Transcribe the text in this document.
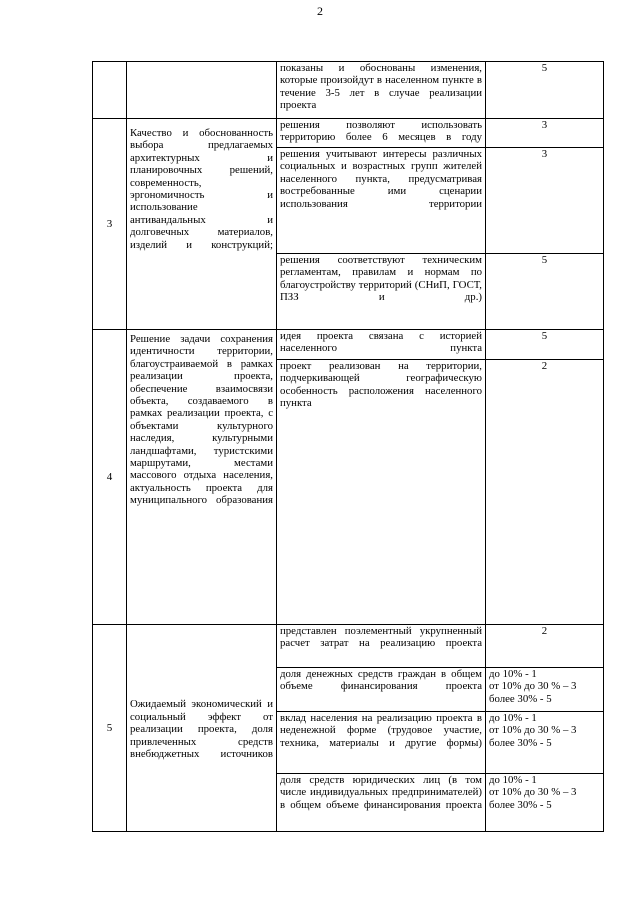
2
		показаны и обоснованы изменения, которые произойдут в населенном пункте в течение 3-5 лет в случае реализации проекта	5

3	Качество и обоснованность выбора предлагаемых архитектурных и планировочных решений, современность, эргономичность и использование антивандальных и долговечных материалов, изделий и конструкций;	решения позволяют использовать территорию более 6 месяцев в году	3

		решения учитывают интересы различных социальных и возрастных групп жителей населенного пункта, предусматривая востребованные ими сценарии использования территории	3

		решения соответствуют техническим регламентам, правилам и нормам по благоустройству территорий (СНиП, ГОСТ, ПЗЗ и др.)	5

4	Решение задачи сохранения идентичности территории, благоустраиваемой в рамках реализации проекта, обеспечение взаимосвязи объекта, создаваемого в рамках реализации проекта, с объектами культурного наследия, культурными ландшафтами, туристскими маршрутами, местами массового отдыха населения, актуальность проекта для муниципального образования	идея проекта связана с историей населенного пункта	5

		проект реализован на территории, подчеркивающей географическую особенность расположения населенного пункта	2

5	Ожидаемый экономический и социальный эффект от реализации проекта, доля привлеченных средств внебюджетных источников	представлен поэлементный укрупненный расчет затрат на реализацию проекта	2

		доля денежных средств граждан в общем объеме финансирования проекта	до 10% - 1
от 10% до 30 % – 3
более 30% - 5

		вклад населения на реализацию проекта в неденежной форме (трудовое участие, техника, материалы и другие формы)	до 10% - 1
от 10% до 30 % – 3
более 30% - 5

		доля средств юридических лиц (в том числе индивидуальных предпринимателей) в общем объеме финансирования проекта	до 10% - 1
от 10% до 30 % – 3
более 30% - 5
